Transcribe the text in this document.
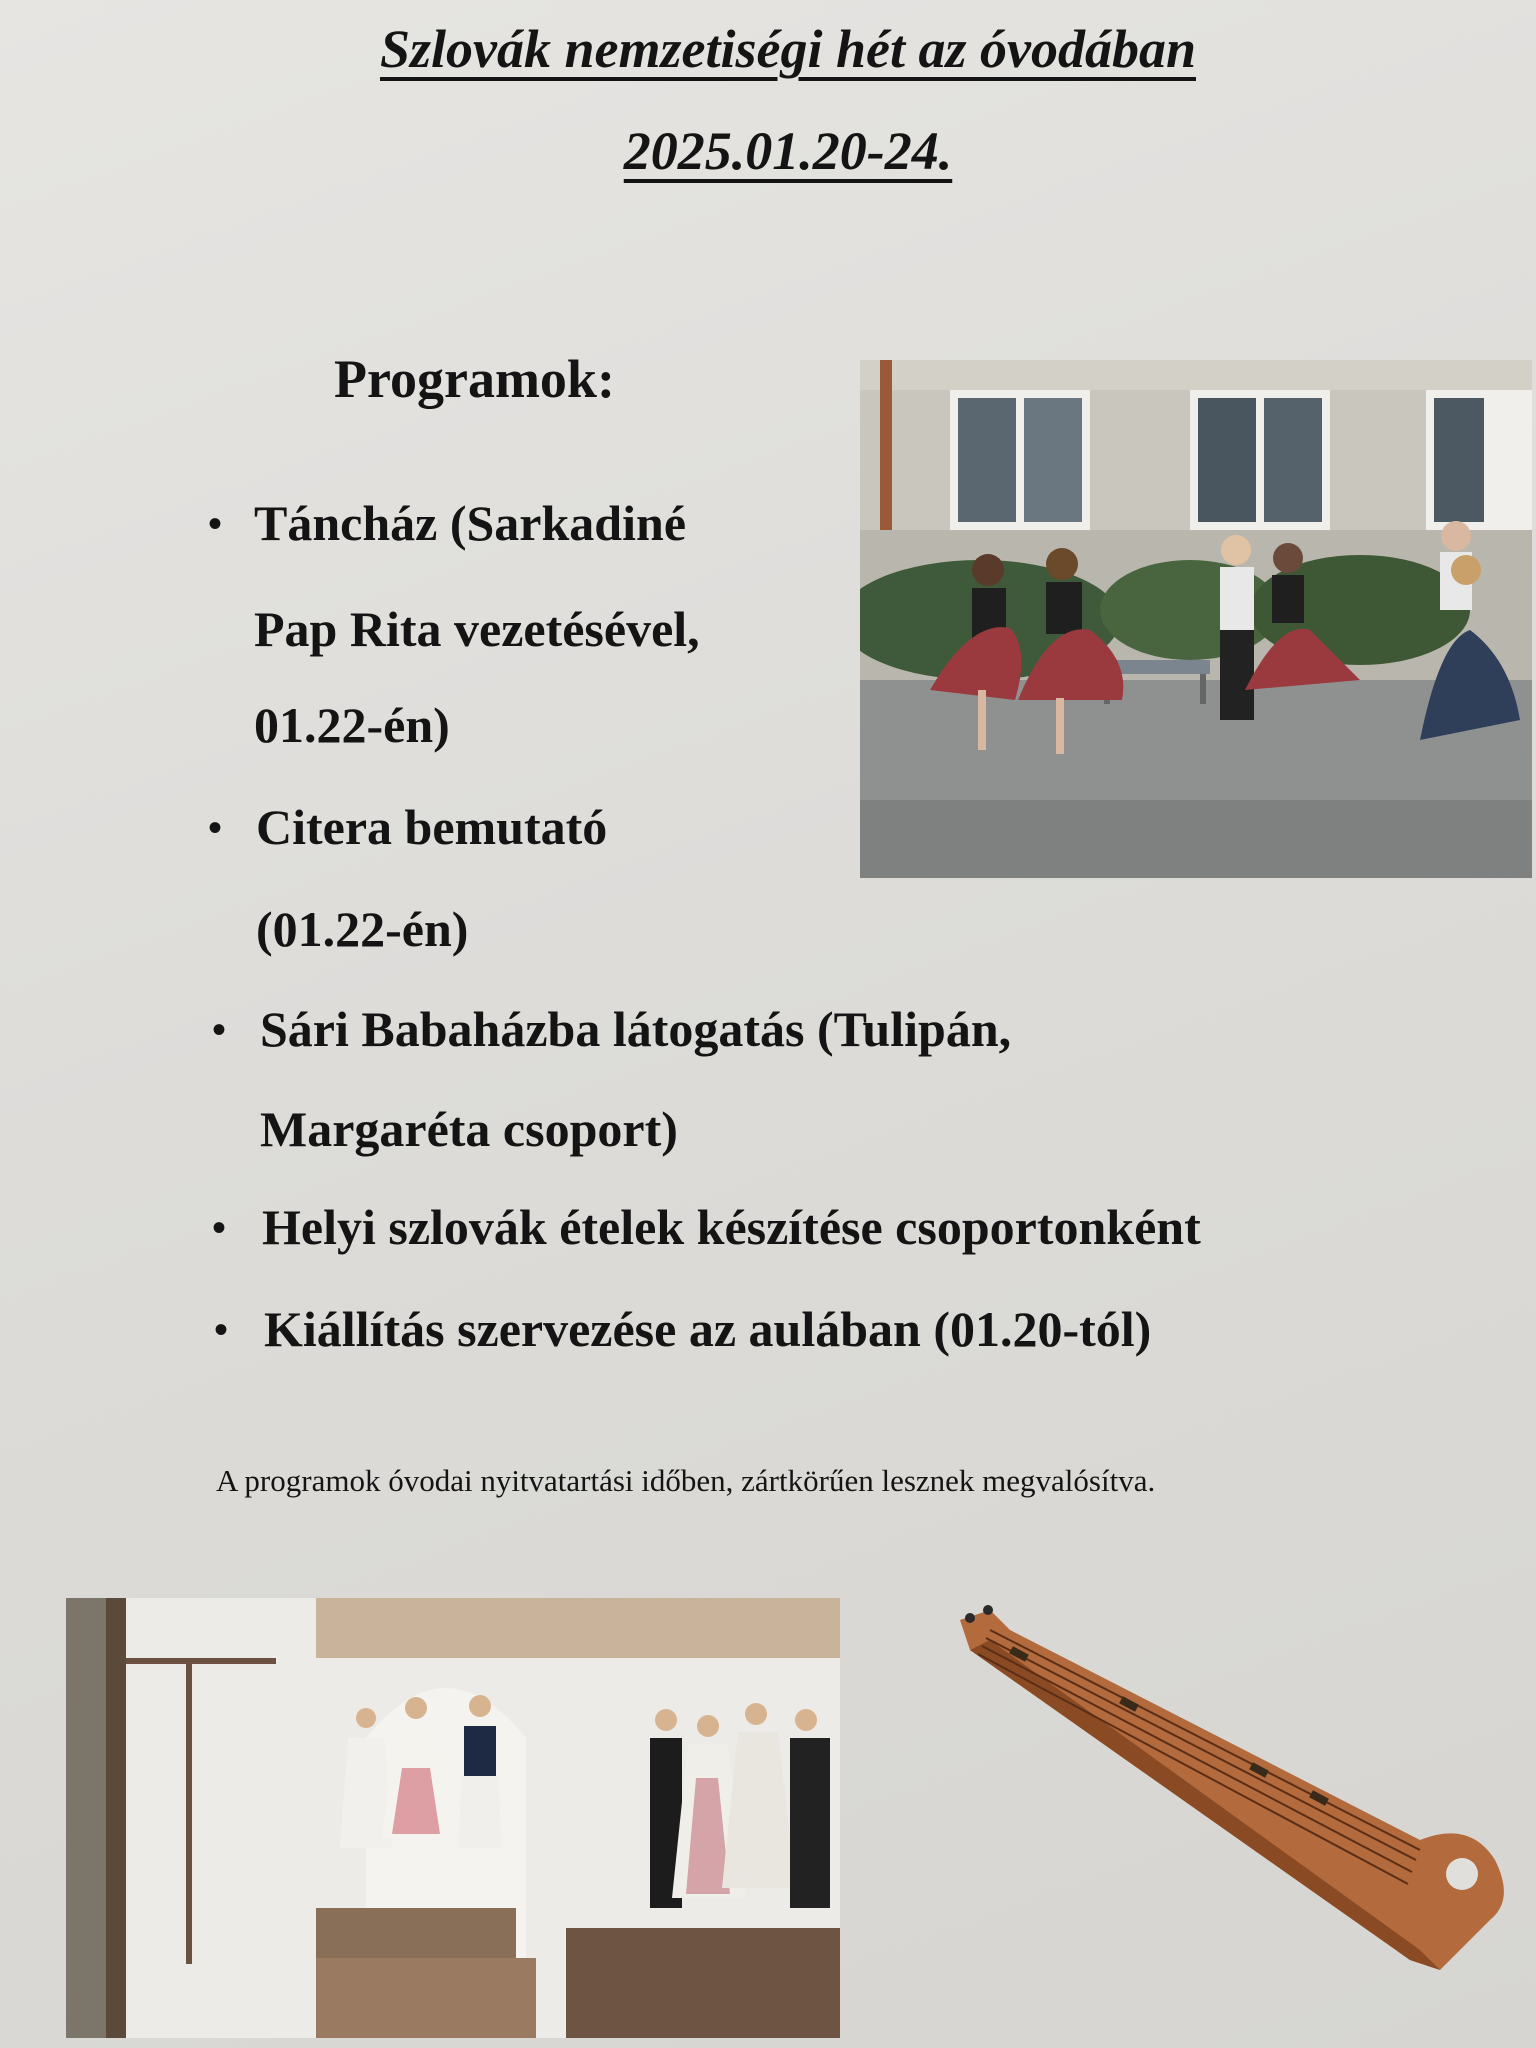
Szlovák nemzetiségi hét az óvodában
2025.01.20-24.
Programok:
• Táncház (Sarkadiné

Pap Rita vezetésével,

01.22-én)

• Citera bemutató

(01.22-én)

• Sári Babaházba látogatás (Tulipán,

Margaréta csoport)

• Helyi szlovák ételek készítése csoportonként

• Kiállítás szervezése az aulában (01.20-tól)

A programok óvodai nyitvatartási időben, zártkörűen lesznek megvalósítva.
